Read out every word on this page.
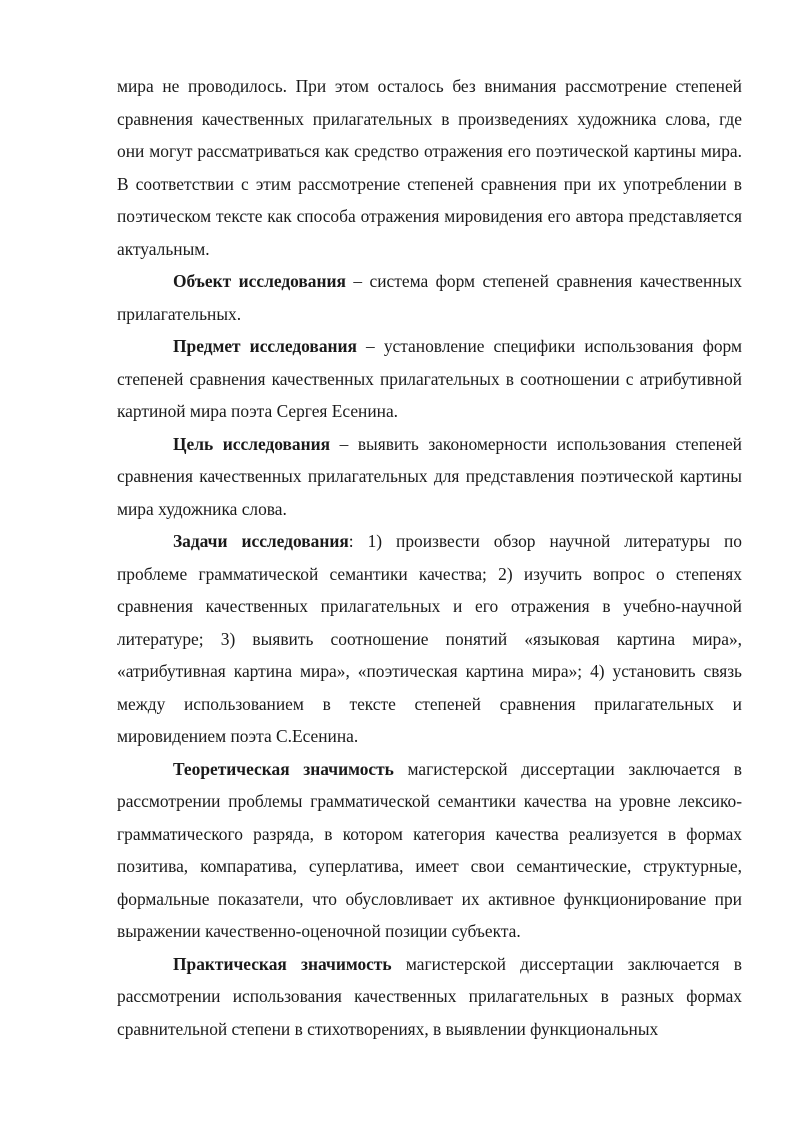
мира не проводилось. При этом осталось без внимания рассмотрение степеней сравнения качественных прилагательных в произведениях художника слова, где они могут рассматриваться как средство отражения его поэтической картины мира. В соответствии с этим рассмотрение степеней сравнения при их употреблении в поэтическом тексте как способа отражения мировидения его автора представляется актуальным.

Объект исследования – система форм степеней сравнения качественных прилагательных.

Предмет исследования – установление специфики использования форм степеней сравнения качественных прилагательных в соотношении с атрибутивной картиной мира поэта Сергея Есенина.

Цель исследования – выявить закономерности использования степеней сравнения качественных прилагательных для представления поэтической картины мира художника слова.

Задачи исследования: 1) произвести обзор научной литературы по проблеме грамматической семантики качества; 2) изучить вопрос о степенях сравнения качественных прилагательных и его отражения в учебно-научной литературе; 3) выявить соотношение понятий «языковая картина мира», «атрибутивная картина мира», «поэтическая картина мира»; 4) установить связь между использованием в тексте степеней сравнения прилагательных и мировидением поэта С.Есенина.

Теоретическая значимость магистерской диссертации заключается в рассмотрении проблемы грамматической семантики качества на уровне лексико-грамматического разряда, в котором категория качества реализуется в формах позитива, компаратива, суперлатива, имеет свои семантические, структурные, формальные показатели, что обусловливает их активное функционирование при выражении качественно-оценочной позиции субъекта.

Практическая значимость магистерской диссертации заключается в рассмотрении использования качественных прилагательных в разных формах сравнительной степени в стихотворениях, в выявлении функциональных
